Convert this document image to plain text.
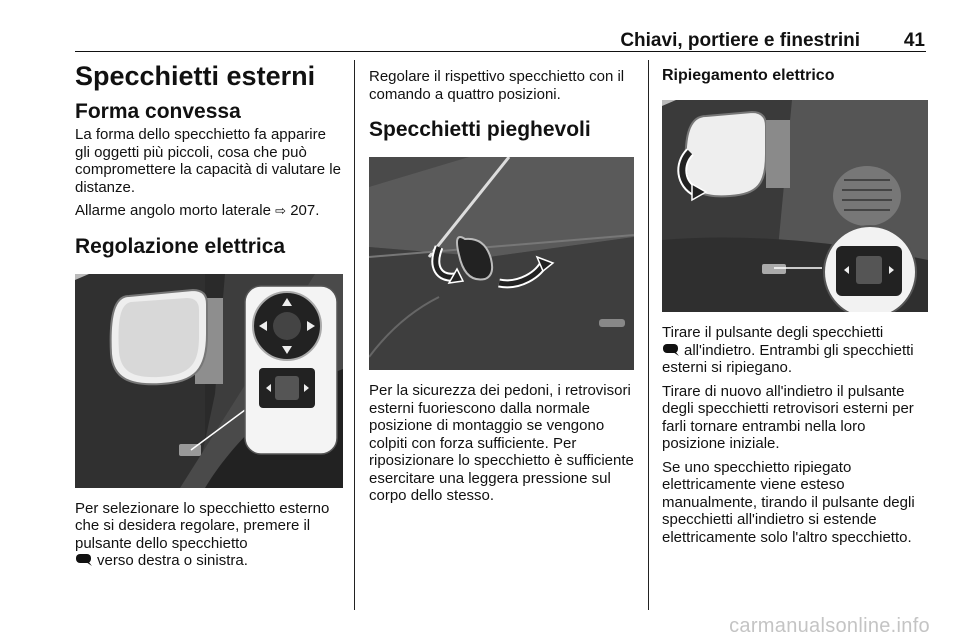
Chiavi, portiere e finestrini	41
Specchietti esterni
Forma convessa

La forma dello specchietto fa apparire gli oggetti più piccoli, cosa che può compromettere la capacità di valutare le distanze.

Allarme angolo morto laterale ⇨ 207.

Regolazione elettrica

Per selezionare lo specchietto esterno che si desidera regolare, premere il pulsante dello specchietto
verso destra o sinistra.

Regolare il rispettivo specchietto con il comando a quattro posizioni.

Specchietti pieghevoli

Per la sicurezza dei pedoni, i retrovisori esterni fuoriescono dalla normale posizione di montaggio se vengono colpiti con forza sufficiente. Per riposizionare lo specchietto è sufficiente esercitare una leggera pressione sul corpo dello stesso.

Ripiegamento elettrico

Tirare il pulsante degli specchietti
all'indietro. Entrambi gli specchietti esterni si ripiegano.

Tirare di nuovo all'indietro il pulsante degli specchietti retrovisori esterni per farli tornare entrambi nella loro posizione iniziale.

Se uno specchietto ripiegato elettricamente viene esteso manualmente, tirando il pulsante degli specchietti all'indietro si estende elettricamente solo l'altro specchietto.

carmanualsonline.info
